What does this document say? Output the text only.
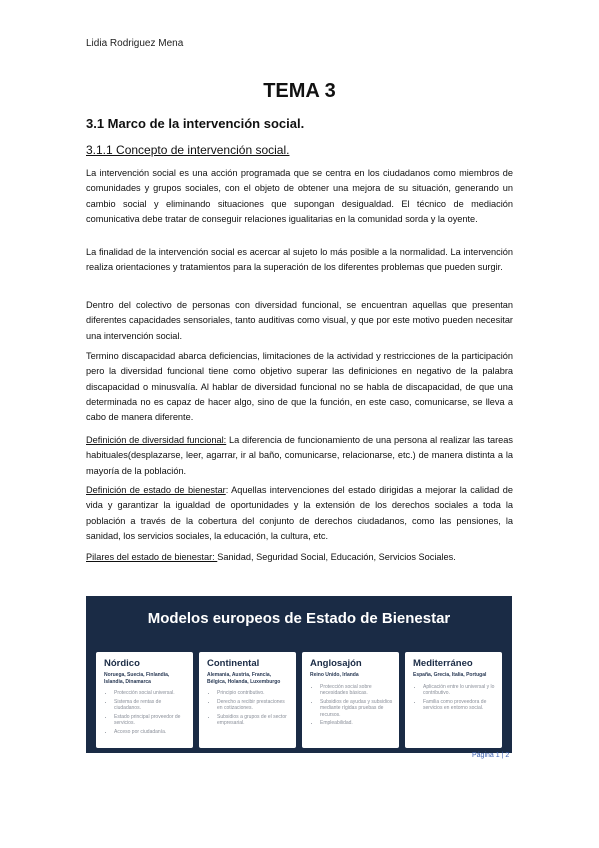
Lidia Rodriguez Mena
TEMA 3
3.1 Marco de la intervención social.
3.1.1 Concepto de intervención social.

La intervención social es una acción programada que se centra en los ciudadanos como miembros de comunidades y grupos sociales, con el objeto de obtener una mejora de su situación, generando un cambio social y eliminando situaciones que supongan desigualdad. El técnico de mediación comunicativa debe tratar de conseguir relaciones igualitarias en la comunidad sorda y la oyente.

La finalidad de la intervención social es acercar al sujeto lo más posible a la normalidad. La intervención realiza orientaciones y tratamientos para la superación de los diferentes problemas que pueden surgir.

Dentro del colectivo de personas con diversidad funcional, se encuentran aquellas que presentan diferentes capacidades sensoriales, tanto auditivas como visual, y que por este motivo pueden necesitar una intervención social.

Termino discapacidad abarca deficiencias, limitaciones de la actividad y restricciones de la participación pero la diversidad funcional tiene como objetivo superar las definiciones en negativo de la palabra discapacidad o minusvalía. Al hablar de diversidad funcional no se habla de discapacidad, de que una determinada no es capaz de hacer algo, sino de que la función, en este caso, comunicarse, se lleva a cabo de manera diferente.

Definición de diversidad funcional: La diferencia de funcionamiento de una persona al realizar las tareas habituales(desplazarse, leer, agarrar, ir al baño, comunicarse, relacionarse, etc.) de manera distinta a la mayoría de la población.

Definición de estado de bienestar: Aquellas intervenciones del estado dirigidas a mejorar la calidad de vida y garantizar la igualdad de oportunidades y la extensión de los derechos sociales a toda la población a través de la cobertura del conjunto de derechos ciudadanos, como las pensiones, la sanidad, los servicios sociales, la educación, la cultura, etc.

Pilares del estado de bienestar: Sanidad, Seguridad Social, Educación, Servicios Sociales.

Modelos europeos de Estado de Bienestar
Nórdico
Noruega, Suecia, Finlandia, Islandia, Dinamarca
• Protección social universal.
• Sistema de rentas de ciudadanos.
• Estado principal proveedor de servicios.
• Acceso por ciudadanía.
Continental
Alemania, Austria, Francia, Bélgica, Holanda, Luxemburgo
• Principio contributivo.
• Derecho a recibir prestaciones en cotizaciones.
• Subsidios a grupos de el sector empresarial.
Anglosajón
Reino Unido, Irlanda
• Protección social sobre necesidades básicas.
• Subsidios de ayudas y subsidios mediante rígidas pruebas de recursos.
• Empleabilidad.
Mediterráneo
España, Grecia, Italia, Portugal
• Aplicación entre lo universal y lo contributivo.
• Familia como proveedora de servicios en entorno social.
Página 1 | 2
